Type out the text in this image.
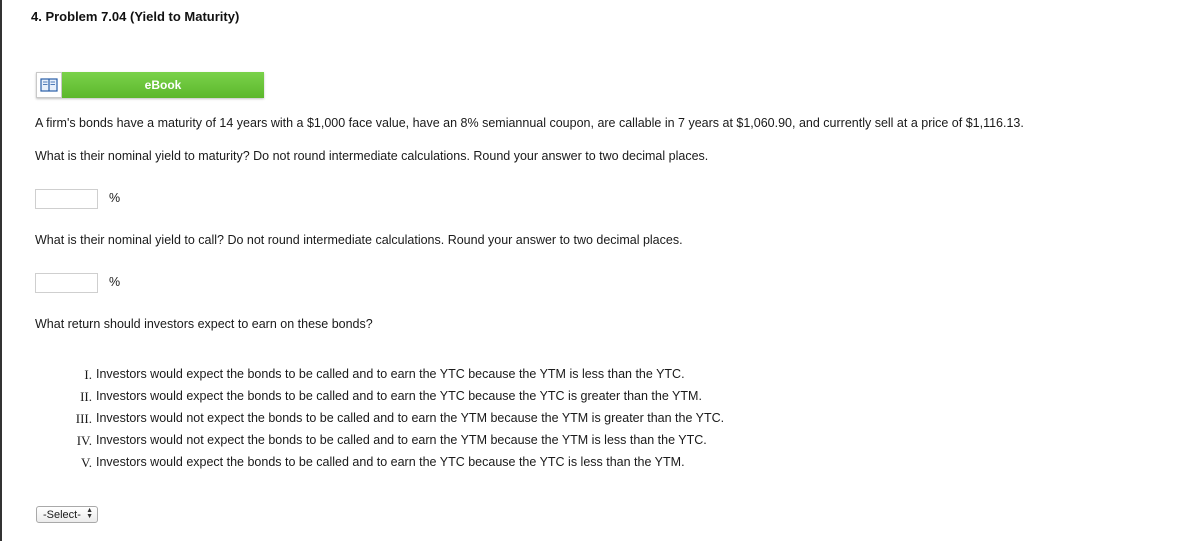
4. Problem 7.04 (Yield to Maturity)
eBook
A firm's bonds have a maturity of 14 years with a $1,000 face value, have an 8% semiannual coupon, are callable in 7 years at $1,060.90, and currently sell at a price of $1,116.13.
What is their nominal yield to maturity? Do not round intermediate calculations. Round your answer to two decimal places.
%
What is their nominal yield to call? Do not round intermediate calculations. Round your answer to two decimal places.
%
What return should investors expect to earn on these bonds?
I. Investors would expect the bonds to be called and to earn the YTC because the YTM is less than the YTC.
II. Investors would expect the bonds to be called and to earn the YTC because the YTC is greater than the YTM.
III. Investors would not expect the bonds to be called and to earn the YTM because the YTM is greater than the YTC.
IV. Investors would not expect the bonds to be called and to earn the YTM because the YTM is less than the YTC.
V. Investors would expect the bonds to be called and to earn the YTC because the YTC is less than the YTM.
-Select- ▲
▼
